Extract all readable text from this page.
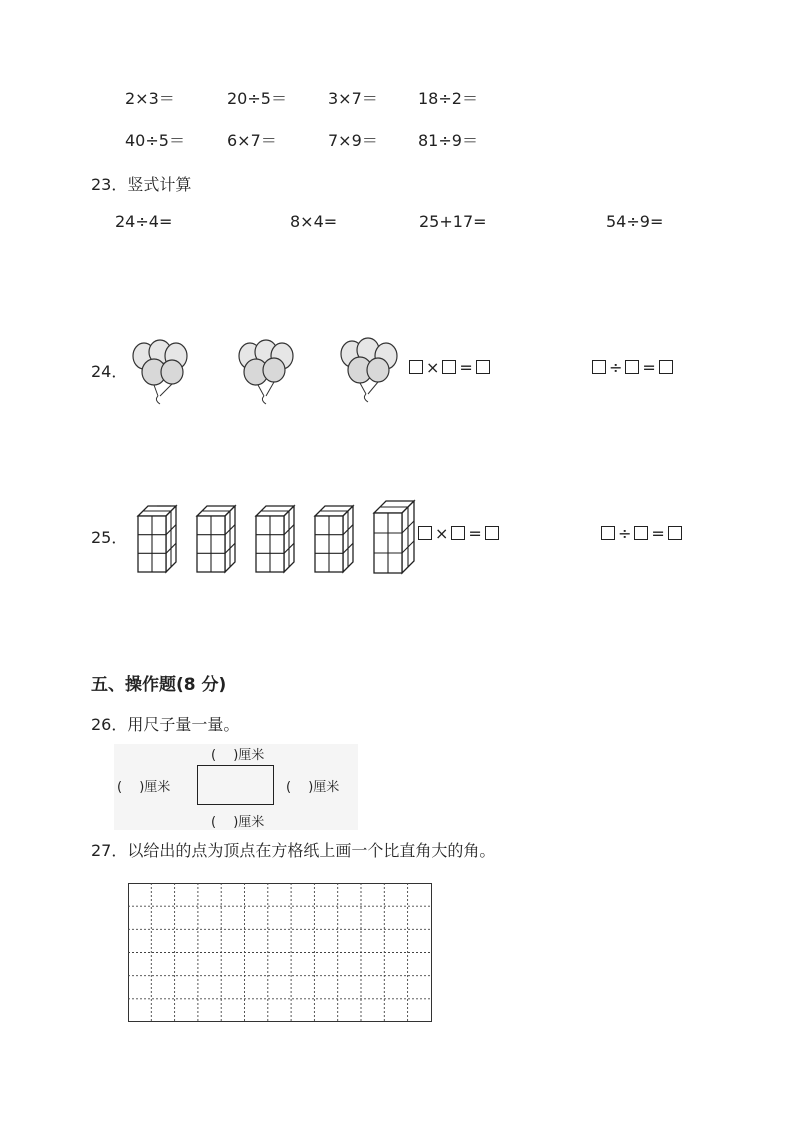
2×3＝	20÷5＝	3×7＝	18÷2＝
40÷5＝	6×7＝	7×9＝	81÷9＝
23．竖式计算
24÷4=	8×4=	25+17=	54÷9=
24．	× =	÷ =
25．	× =	÷ =
五、操作题(8 分)
26．用尺子量一量。
(　 )厘米
(　 )厘米	(　 )厘米
(　 )厘米
27．以给出的点为顶点在方格纸上画一个比直角大的角。
